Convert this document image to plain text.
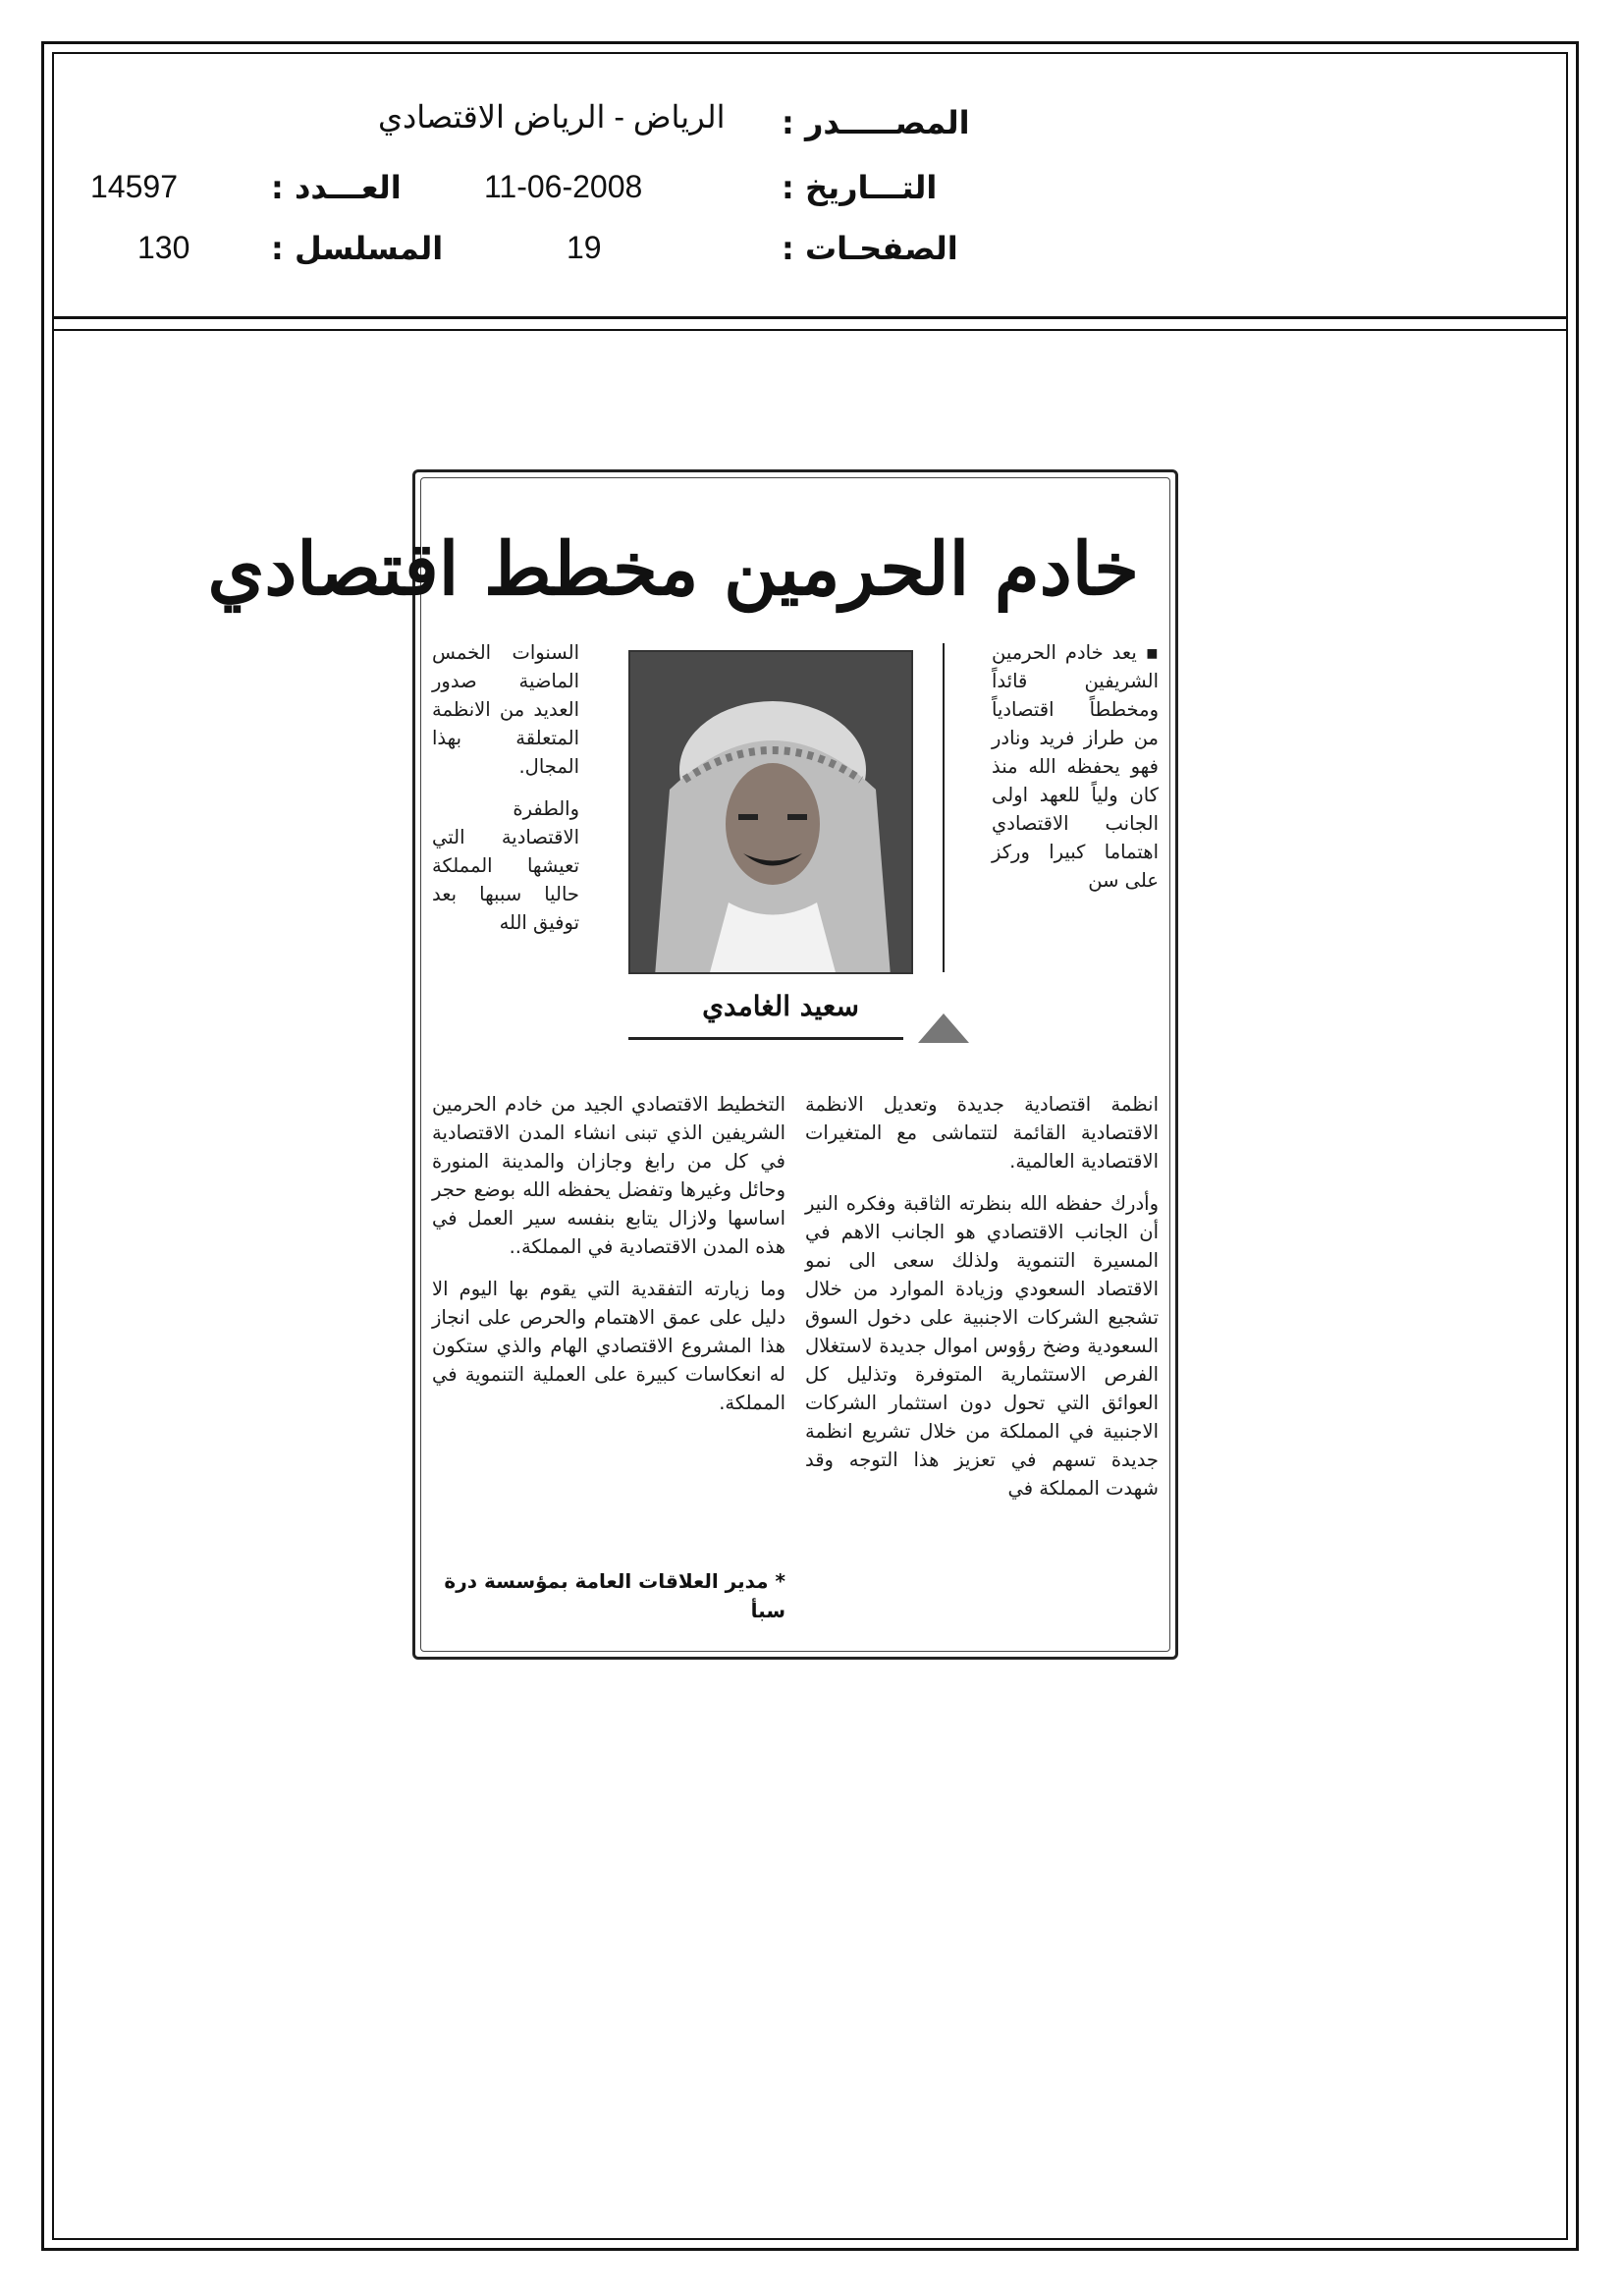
المصـــــدر
:
الرياض - الرياض الاقتصادي
التـــاريخ
:
11-06-2008
العـــدد
:
14597
الصفحـات
:
19
المسلسل
:
130
خادم الحرمين مخطط اقتصادي

▪ يعد خادم الحرمين الشريفين قائداً ومخططاً اقتصادياً من طراز فريد ونادر فهو يحفظه الله منذ كان ولياً للعهد اولى الجانب الاقتصادي اهتماما كبيرا وركز على سن

سعيد الغامدي

السنوات الخمس الماضية صدور العديد من الانظمة المتعلقة بهذا المجال.

والطفرة الاقتصادية التي تعيشها المملكة حاليا سببها بعد توفيق الله

انظمة اقتصادية جديدة وتعديل الانظمة الاقتصادية القائمة لتتماشى مع المتغيرات الاقتصادية العالمية.

وأدرك حفظه الله بنظرته الثاقبة وفكره النير أن الجانب الاقتصادي هو الجانب الاهم في المسيرة التنموية ولذلك سعى الى نمو الاقتصاد السعودي وزيادة الموارد من خلال تشجيع الشركات الاجنبية على دخول السوق السعودية وضخ رؤوس اموال جديدة لاستغلال الفرص الاستثمارية المتوفرة وتذليل كل العوائق التي تحول دون استثمار الشركات الاجنبية في المملكة من خلال تشريع انظمة جديدة تسهم في تعزيز هذا التوجه وقد شهدت المملكة في

التخطيط الاقتصادي الجيد من خادم الحرمين الشريفين الذي تبنى انشاء المدن الاقتصادية في كل من رابغ وجازان والمدينة المنورة وحائل وغيرها وتفضل يحفظه الله بوضع حجر اساسها ولازال يتابع بنفسه سير العمل في هذه المدن الاقتصادية في المملكة..

وما زيارته التفقدية التي يقوم بها اليوم الا دليل على عمق الاهتمام والحرص على انجاز هذا المشروع الاقتصادي الهام والذي ستكون له انعكاسات كبيرة على العملية التنموية في المملكة.

* مدير العلاقات العامة بمؤسسة درة سبأ
